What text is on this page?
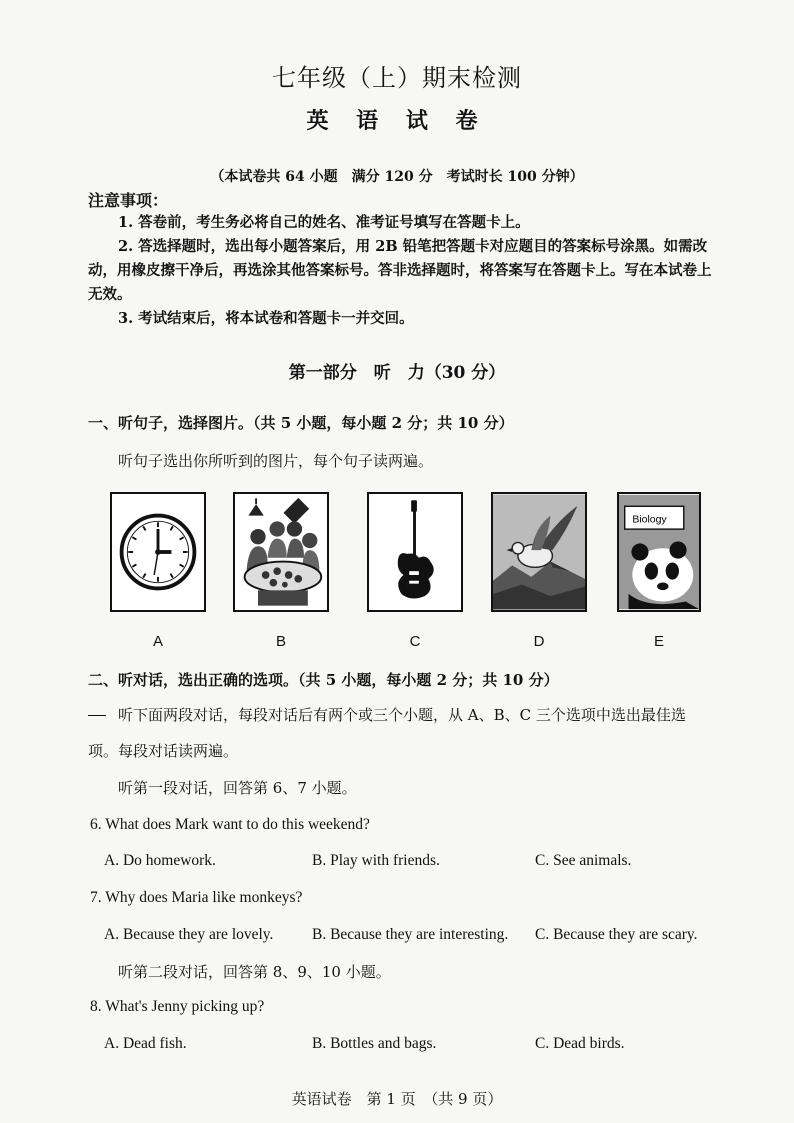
七年级（上）期末检测
英 语 试 卷
（本试卷共 64 小题　满分 120 分　考试时长 100 分钟）
注意事项：
1. 答卷前，考生务必将自己的姓名、准考证号填写在答题卡上。
2. 答选择题时，选出每小题答案后，用 2B 铅笔把答题卡对应题目的答案标号涂黑。如需改动，用橡皮擦干净后，再选涂其他答案标号。答非选择题时，将答案写在答题卡上。写在本试卷上无效。
3. 考试结束后，将本试卷和答题卡一并交回。
第一部分　听　力（30 分）
一、听句子，选择图片。（共 5 小题，每小题 2 分；共 10 分）
听句子选出你所听到的图片，每个句子读两遍。
Biology
A	B	C	D	E
二、听对话，选出正确的选项。（共 5 小题，每小题 2 分；共 10 分）
听下面两段对话，每段对话后有两个或三个小题，从 A、B、C 三个选项中选出最佳选
项。每段对话读两遍。
听第一段对话，回答第 6、7 小题。
6. What does Mark want to do this weekend?
A. Do homework.	B. Play with friends.	C. See animals.
7. Why does Maria like monkeys?
A. Because they are lovely. B. Because they are interesting. C. Because they are scary.
听第二段对话，回答第 8、9、10 小题。
8. What's Jenny picking up?
A. Dead fish.	B. Bottles and bags.	C. Dead birds.
英语试卷　第 1 页　（共 9 页）
